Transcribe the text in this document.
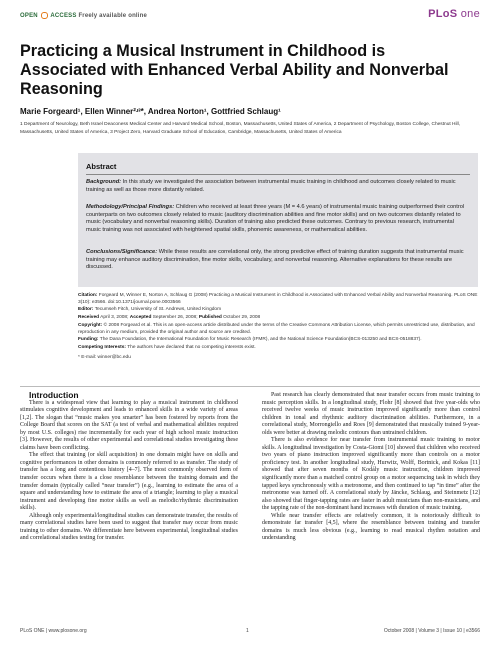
OPEN ACCESS Freely available online	PLoS one
Practicing a Musical Instrument in Childhood is Associated with Enhanced Verbal Ability and Nonverbal Reasoning
Marie Forgeard¹, Ellen Winner²ʴ³*, Andrea Norton¹, Gottfried Schlaug¹
1 Department of Neurology, Beth Israel Deaconess Medical Center and Harvard Medical School, Boston, Massachusetts, United States of America, 2 Department of Psychology, Boston College, Chestnut Hill, Massachusetts, United States of America, 3 Project Zero, Harvard Graduate School of Education, Cambridge, Massachusetts, United States of America
Abstract
Background: In this study we investigated the association between instrumental music training in childhood and outcomes closely related to music training as well as those more distantly related.
Methodology/Principal Findings: Children who received at least three years (M = 4.6 years) of instrumental music training outperformed their control counterparts on two outcomes closely related to music (auditory discrimination abilities and fine motor skills) and on two outcomes distantly related to music (vocabulary and nonverbal reasoning skills). Duration of training also predicted these outcomes. Contrary to previous research, instrumental music training was not associated with heightened spatial skills, phonemic awareness, or mathematical abilities.
Conclusions/Significance: While these results are correlational only, the strong predictive effect of training duration suggests that instrumental music training may enhance auditory discrimination, fine motor skills, vocabulary, and nonverbal reasoning. Alternative explanations for these results are discussed.
Citation: Forgeard M, Winner E, Norton A, Schlaug G (2008) Practicing a Musical Instrument in Childhood is Associated with Enhanced Verbal Ability and Nonverbal Reasoning. PLoS ONE 3(10): e3566. doi:10.1371/journal.pone.0003566
Editor: Tecumseh Fitch, University of St. Andrews, United Kingdom
Received April 3, 2008; Accepted September 26, 2008; Published October 29, 2008
Copyright: © 2008 Forgeard et al. This is an open-access article distributed under the terms of the Creative Commons Attribution License, which permits unrestricted use, distribution, and reproduction in any medium, provided the original author and source are credited.
Funding: The Dana Foundation, the International Foundation for Music Research (IFMR), and the National Science Foundation(BCS-013250 and BCS-0518837).
Competing Interests: The authors have declared that no competing interests exist.
* E-mail: winner@bc.edu

Introduction

There is a widespread view that learning to play a musical instrument in childhood stimulates cognitive development and leads to enhanced skills in a wide variety of areas [1,2]. The slogan that “music makes you smarter” has been fostered by reports from the College Board that scores on the SAT (a test of verbal and mathematical abilities required by most U.S. colleges) rise incrementally for each year of high school music instruction [3]. However, the results of other experimental and correlational studies investigating these claims have been conflicting.

The effect that training (or skill acquisition) in one domain might have on skills and cognitive performances in other domains is commonly referred to as transfer. The study of transfer has a long and contentious history [4–7]. The most commonly observed form of transfer occurs when there is a close resemblance between the training domain and the transfer domain (typically called “near transfer”) (e.g., learning to estimate the area of a square and understanding how to estimate the area of a triangle; learning to play a musical instrument and developing fine motor skills as well as melodic/rhythmic discrimination skills).

Although only experimental/longitudinal studies can demonstrate transfer, the results of many correlational studies have been used to suggest that transfer may occur from music training to other domains. We differentiate here between experimental, longitudinal studies and correlational studies testing for transfer.

Past research has clearly demonstrated that near transfer occurs from music training to music perception skills. In a longitudinal study, Flohr [8] showed that five year-olds who received twelve weeks of music instruction improved significantly more than control children in tonal and rhythmic auditory discrimination abilities. Furthermore, in a correlational study, Morrongiello and Roes [9] demonstrated that musically trained 9-year-olds were better at drawing melodic contours than untrained children.

There is also evidence for near transfer from instrumental music training to motor skills. A longitudinal investigation by Costa-Giomi [10] showed that children who received two years of piano instruction improved significantly more than controls on a motor proficiency test. In another longitudinal study, Hurwitz, Wolff, Bortnick, and Kokas [11] showed that after seven months of Kodály music instruction, children improved significantly more than a matched control group on a motor sequencing task in which they tapped keys synchronously with a metronome, and then continued to tap “in time” after the metronome was turned off. A correlational study by Jäncke, Schlaug, and Steinmetz [12] also showed that finger-tapping rates are faster in adult musicians than non-musicians, and the tapping rate of the non-dominant hand increases with duration of music training.

While near transfer effects are relatively common, it is notoriously difficult to demonstrate far transfer [4,5], where the resemblance between training and transfer domains is much less obvious (e.g., learning to read musical rhythm notation and understanding

PLoS ONE | www.plosone.org	1	October 2008 | Volume 3 | Issue 10 | e3566
